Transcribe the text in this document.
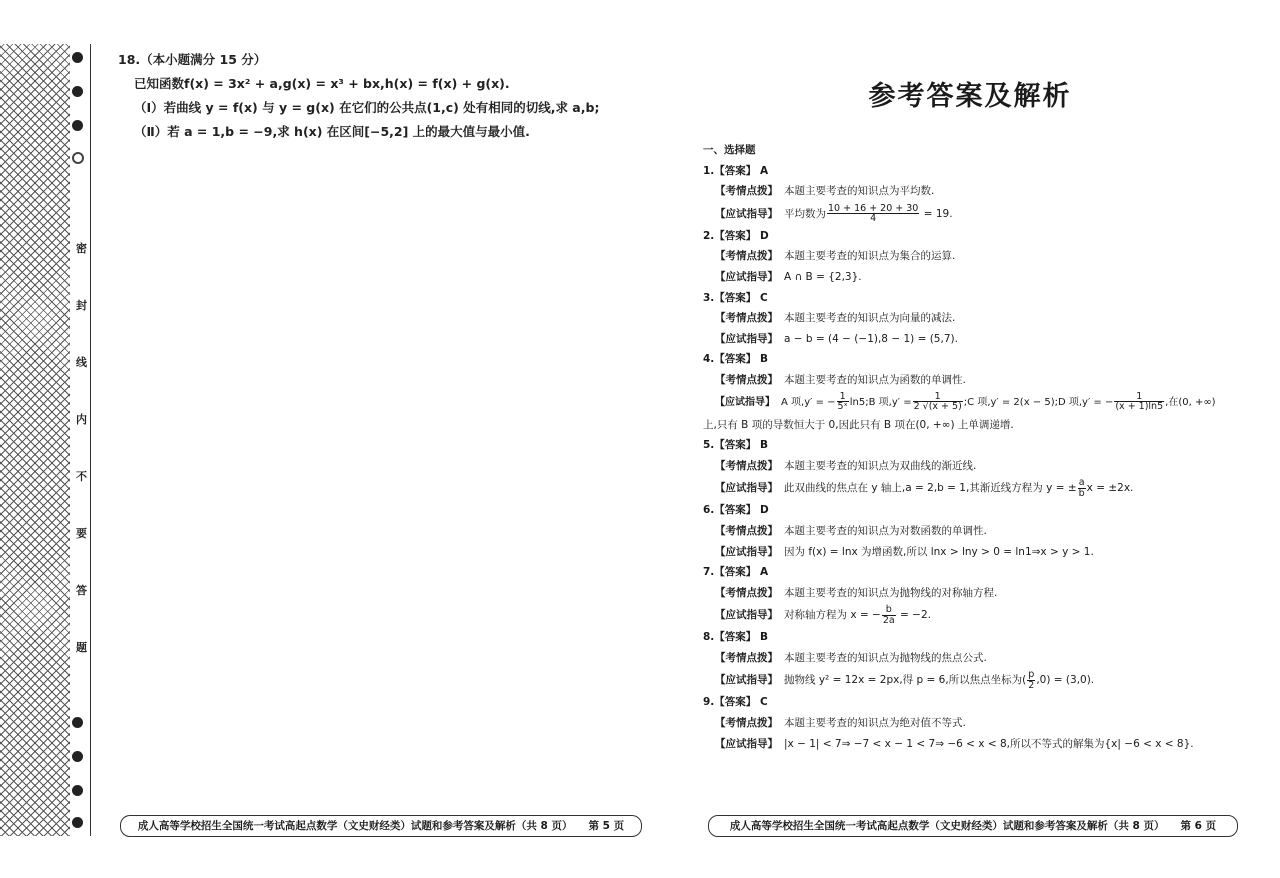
密
封
线
内
不
要
答
题
18.（本小题满分 15 分）
已知函数f(x) = 3x² + a,g(x) = x³ + bx,h(x) = f(x) + g(x).
（Ⅰ）若曲线 y = f(x) 与 y = g(x) 在它们的公共点(1,c) 处有相同的切线,求 a,b;
（Ⅱ）若 a = 1,b = −9,求 h(x) 在区间[−5,2] 上的最大值与最小值.
成人高等学校招生全国统一考试高起点数学（文史财经类）试题和参考答案及解析（共 8 页） 第 5 页
参考答案及解析
一、选择题
1.【答案】 A
【考情点拨】 本题主要考查的知识点为平均数.
【应试指导】 平均数为 $\frac{10 + 16 + 20 + 30}{4} = 19$.
2.【答案】 D
【考情点拨】 本题主要考查的知识点为集合的运算.
【应试指导】 A ∩ B = {2,3}.
3.【答案】 C
【考情点拨】 本题主要考查的知识点为向量的减法.
【应试指导】 a − b = (4 − (−1),8 − 1) = (5,7).
4.【答案】 B
【考情点拨】 本题主要考查的知识点为函数的单调性.
【应试指导】 A 项,y′ = − $\frac{1}{\text{5ˣ}}$ ln5;B 项$,y' = \frac{1}{2 √(x + 5)}$ ;C 项,y′ = 2(x − 5);D 项,y′ = − $\frac{1}{(x + 1)\ln 5}$ ,在(0, +∞)
上,只有 B 项的导数恒大于 0,因此只有 B 项在(0, +∞) 上单调递增.
5.【答案】 B
【考情点拨】 本题主要考查的知识点为双曲线的渐近线.
【应试指导】 此双曲线的焦点在 y 轴上,a = 2,b = 1,其渐近线方程为 y = ± $\frac{a}{b}$ x = ±2x.
6.【答案】 D
【考情点拨】 本题主要考查的知识点为对数函数的单调性.
【应试指导】 因为 f(x) = lnx 为增函数,所以 lnx > lny > 0 = ln1⇒x > y > 1.
7.【答案】 A
【考情点拨】 本题主要考查的知识点为抛物线的对称轴方程.
【应试指导】 对称轴方程为 x = − $\frac{b}{2a} = -2$.
8.【答案】 B
【考情点拨】 本题主要考查的知识点为抛物线的焦点公式.
【应试指导】 抛物线 y² = 12x = 2px,得 p = 6,所以焦点坐标为( $\frac{p}{2} ,0) = (3,0)$.
9.【答案】 C
【考情点拨】 本题主要考查的知识点为绝对值不等式.
【应试指导】 |x − 1| < 7⇒ −7 < x − 1 < 7⇒ −6 < x < 8,所以不等式的解集为{x| −6 < x < 8}.
成人高等学校招生全国统一考试高起点数学（文史财经类）试题和参考答案及解析（共 8 页） 第 6 页
